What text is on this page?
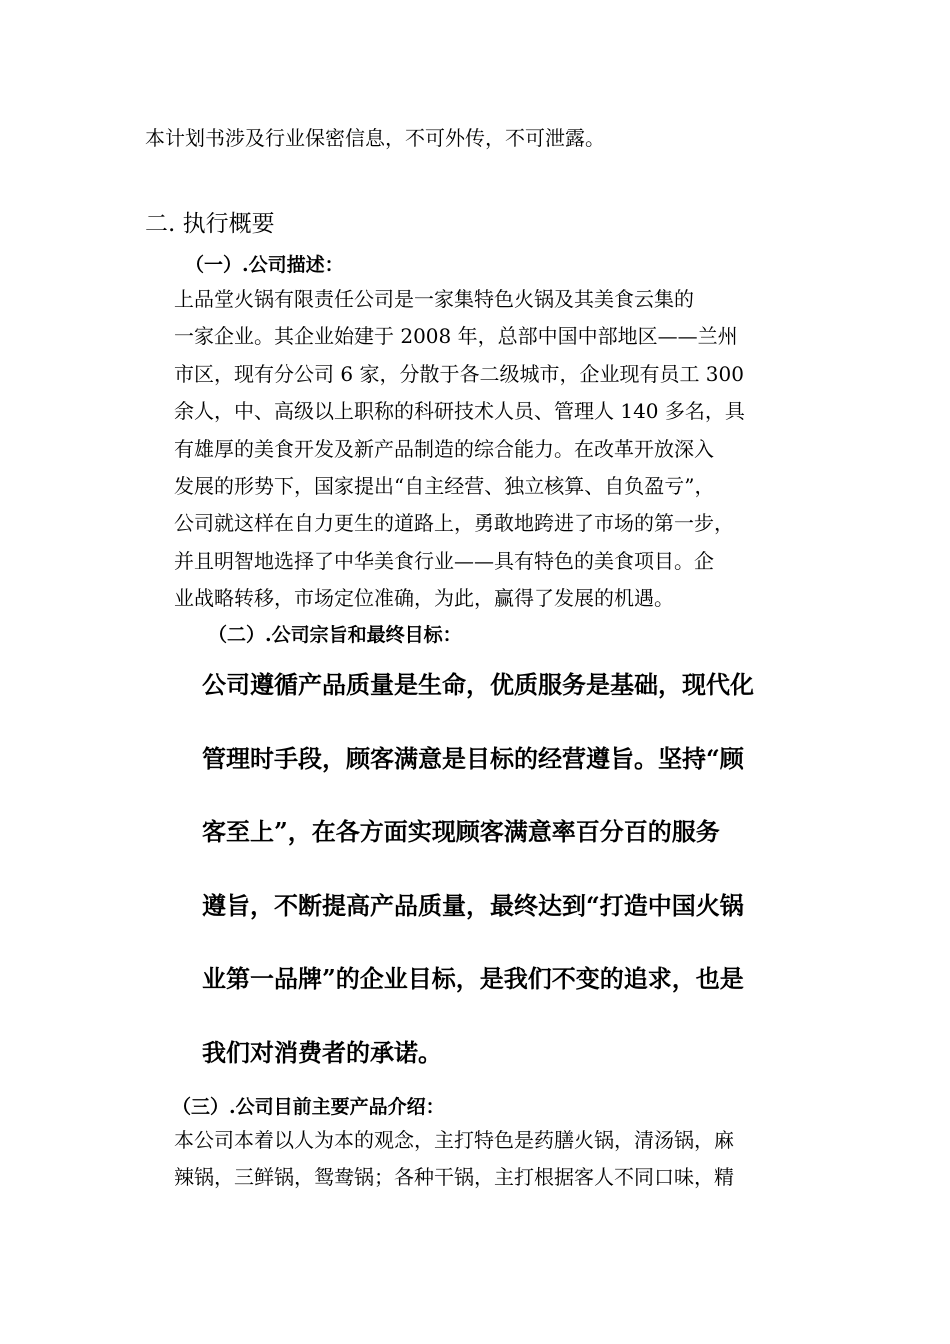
本计划书涉及行业保密信息，不可外传，不可泄露。

二. 执行概要
（一）.公司描述：
上品堂火锅有限责任公司是一家集特色火锅及其美食云集的
一家企业。其企业始建于 2008 年，总部中国中部地区——兰州
市区，现有分公司 6 家，分散于各二级城市，企业现有员工 300
余人，中、高级以上职称的科研技术人员、管理人 140 多名，具
有雄厚的美食开发及新产品制造的综合能力。在改革开放深入
发展的形势下，国家提出“自主经营、独立核算、自负盈亏”，
公司就这样在自力更生的道路上，勇敢地跨进了市场的第一步，
并且明智地选择了中华美食行业——具有特色的美食项目。企
业战略转移，市场定位准确，为此，赢得了发展的机遇。
（二）.公司宗旨和最终目标：
公司遵循产品质量是生命，优质服务是基础，现代化
管理时手段，顾客满意是目标的经营遵旨。坚持“顾
客至上”，在各方面实现顾客满意率百分百的服务
遵旨，不断提高产品质量，最终达到“打造中国火锅
业第一品牌”的企业目标，是我们不变的追求，也是
我们对消费者的承诺。
（三）.公司目前主要产品介绍：
本公司本着以人为本的观念，主打特色是药膳火锅，清汤锅，麻
辣锅，三鲜锅，鸳鸯锅；各种干锅，主打根据客人不同口味，精
